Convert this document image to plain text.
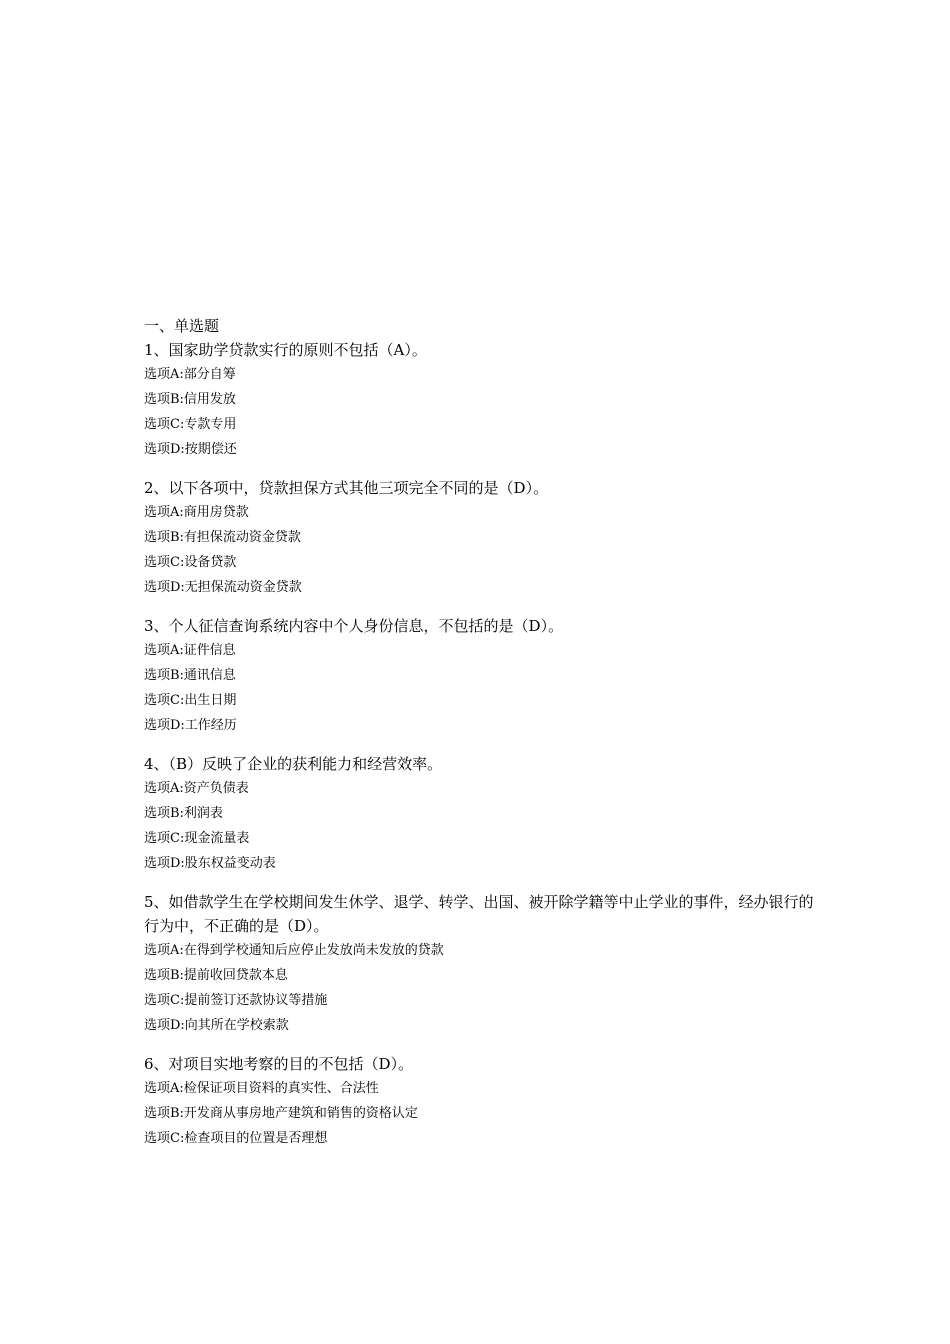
一、单选题

1、国家助学贷款实行的原则不包括（A）。

选项A:部分自筹
选项B:信用发放
选项C:专款专用
选项D:按期偿还

2、以下各项中，贷款担保方式其他三项完全不同的是（D）。

选项A:商用房贷款
选项B:有担保流动资金贷款
选项C:设备贷款
选项D:无担保流动资金贷款

3、个人征信查询系统内容中个人身份信息，不包括的是（D）。

选项A:证件信息
选项B:通讯信息
选项C:出生日期
选项D:工作经历

4、（B）反映了企业的获利能力和经营效率。

选项A:资产负债表
选项B:利润表
选项C:现金流量表
选项D:股东权益变动表

5、如借款学生在学校期间发生休学、退学、转学、出国、被开除学籍等中止学业的事件，经办银行的行为中，不正确的是（D）。

选项A:在得到学校通知后应停止发放尚未发放的贷款
选项B:提前收回贷款本息
选项C:提前签订还款协议等措施
选项D:向其所在学校索款

6、对项目实地考察的目的不包括（D）。

选项A:检保证项目资料的真实性、合法性
选项B:开发商从事房地产建筑和销售的资格认定
选项C:检查项目的位置是否理想
